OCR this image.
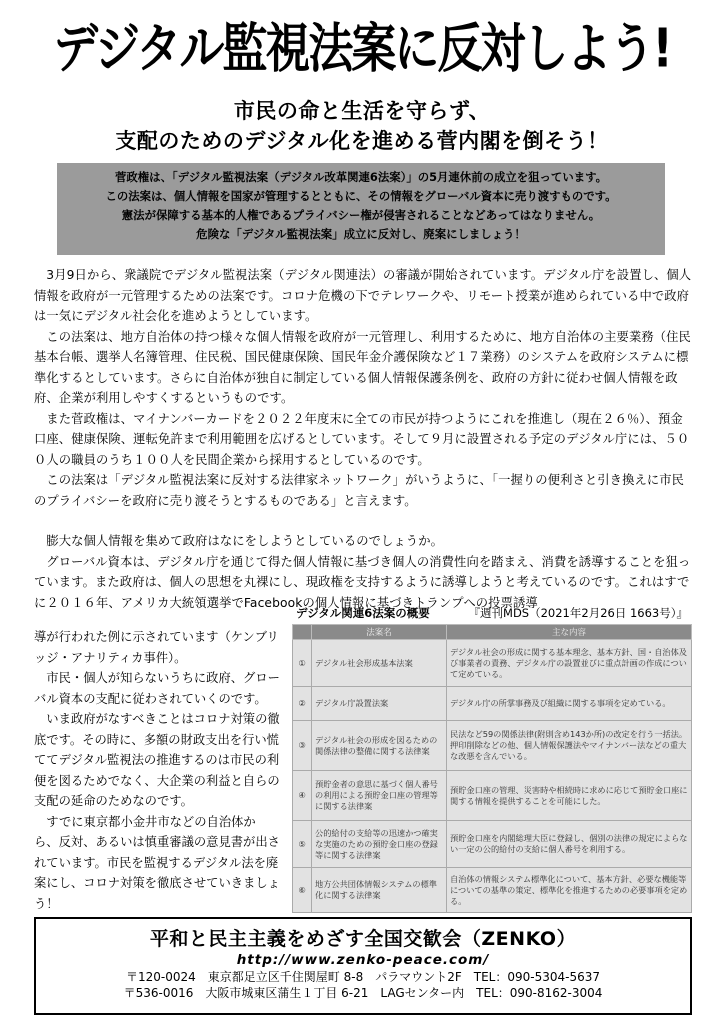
デジタル監視法案に反対しよう!
市民の命と生活を守らず、
支配のためのデジタル化を進める菅内閣を倒そう！
菅政権は、「デジタル監視法案（デジタル改革関連6法案）」の5月連休前の成立を狙っています。
この法案は、個人情報を国家が管理するとともに、その情報をグローバル資本に売り渡すものです。
憲法が保障する基本的人権であるプライバシー権が侵害されることなどあってはなりません。
危険な「デジタル監視法案」成立に反対し、廃案にしましょう！

3月9日から、衆議院でデジタル監視法案（デジタル関連法）の審議が開始されています。デジタル庁を設置し、個人情報を政府が一元管理するための法案です。コロナ危機の下でテレワークや、リモート授業が進められている中で政府は一気にデジタル社会化を進めようとしています。

この法案は、地方自治体の持つ様々な個人情報を政府が一元管理し、利用するために、地方自治体の主要業務（住民基本台帳、選挙人名簿管理、住民税、国民健康保険、国民年金介護保険など１７業務）のシステムを政府システムに標準化するとしています。さらに自治体が独自に制定している個人情報保護条例を、政府の方針に従わせ個人情報を政府、企業が利用しやすくするというものです。

また菅政権は、マイナンバーカードを２０２２年度末に全ての市民が持つようにこれを推進し（現在２６％）、預金口座、健康保険、運転免許まで利用範囲を広げるとしています。そして９月に設置される予定のデジタル庁には、５００人の職員のうち１００人を民間企業から採用するとしているのです。

この法案は「デジタル監視法案に反対する法律家ネットワーク」がいうように、「一握りの便利さと引き換えに市民のプライバシーを政府に売り渡そうとするものである」と言えます。

膨大な個人情報を集めて政府はなにをしようとしているのでしょうか。

グローバル資本は、デジタル庁を通じて得た個人情報に基づき個人の消費性向を踏まえ、消費を誘導することを狙っています。また政府は、個人の思想を丸裸にし、現政権を支持するように誘導しようと考えているのです。これはすでに２０１６年、アメリカ大統領選挙でFacebookの個人情報に基づきトランプへの投票誘導

導が行われた例に示されています（ケンブリッジ・アナリティカ事件）。

市民・個人が知らないうちに政府、グローバル資本の支配に従わされていくのです。

いま政府がなすべきことはコロナ対策の徹底です。その時に、多額の財政支出を行い慌ててデジタル監視法の推進するのは市民の利便を図るためでなく、大企業の利益と自らの支配の延命のためなのです。

すでに東京都小金井市などの自治体から、反対、あるいは慎重審議の意見書が出されています。市民を監視するデジタル法を廃案にし、コロナ対策を徹底させていきましょう！

デジタル関連6法案の概要	『週刊MDS（2021年2月26日 1663号）』
	法案名	主な内容
①	デジタル社会形成基本法案	デジタル社会の形成に関する基本理念、基本方針、国・自治体及び事業者の責務、デジタル庁の設置並びに重点計画の作成について定めている。
②	デジタル庁設置法案	デジタル庁の所掌事務及び組織に関する事項を定めている。
③	デジタル社会の形成を図るための関係法律の整備に関する法律案	民法など59の関係法律(附則含め143か所)の改定を行う一括法。押印削除などの他、個人情報保護法やマイナンバー法などの重大な改悪を含んでいる。
④	預貯金者の意思に基づく個人番号の利用による預貯金口座の管理等に関する法律案	預貯金口座の管理、災害時や相続時に求めに応じて預貯金口座に関する情報を提供することを可能にした。
⑤	公的給付の支給等の迅速かつ確実な実施のための預貯金口座の登録等に関する法律案	預貯金口座を内閣総理大臣に登録し、個別の法律の規定によらない一定の公的給付の支給に個人番号を利用する。
⑥	地方公共団体情報システムの標準化に関する法律案	自治体の情報システム標準化について、基本方針、必要な機能等についての基準の策定、標準化を推進するための必要事項を定める。
平和と民主主義をめざす全国交歓会（ZENKO）
http://www.zenko-peace.com/
〒120-0024　東京都足立区千住関屋町 8-8　パラマウント2F　TEL：090-5304-5637
〒536-0016　大阪市城東区蒲生１丁目 6-21　LAGセンター内　TEL：090-8162-3004
